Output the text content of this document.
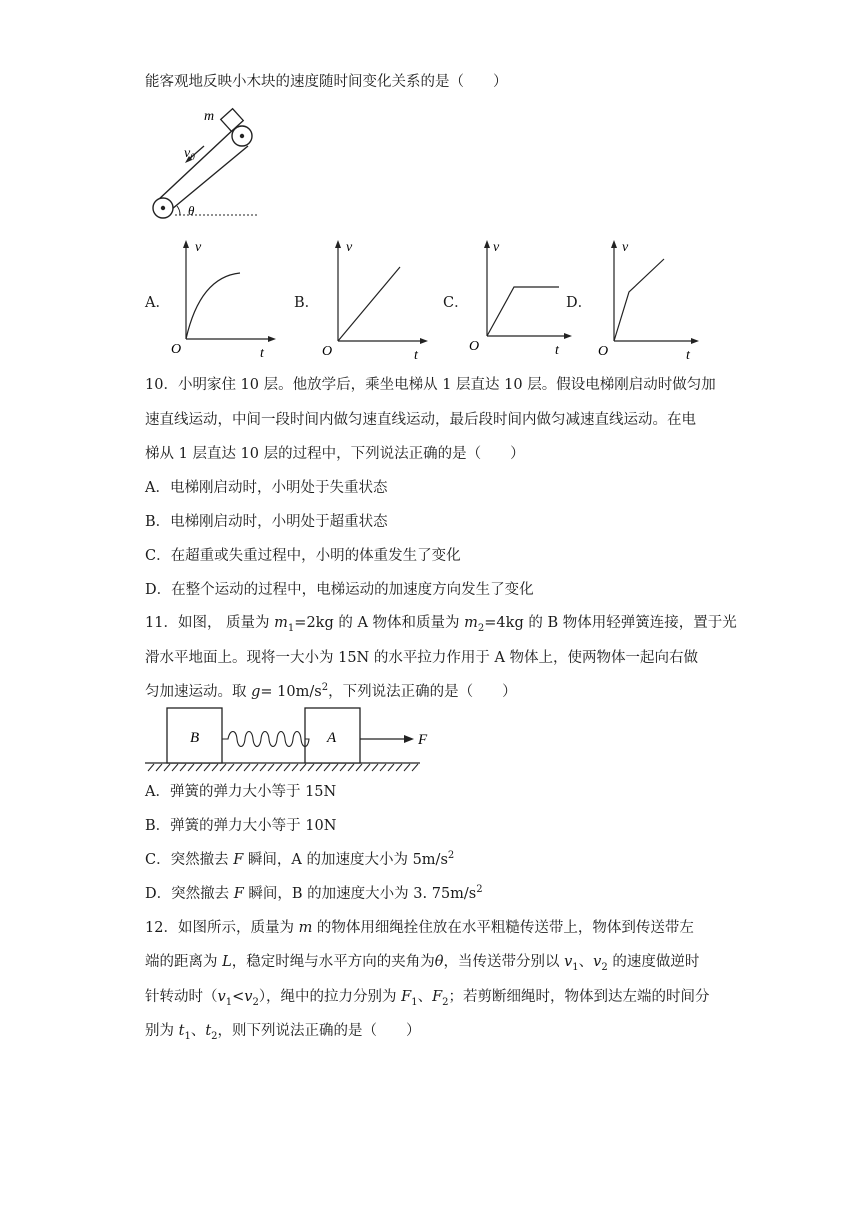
能客观地反映小木块的速度随时间变化关系的是（　　）
m
$v_0$
θ
A．	B．	C．	D．
v
t
O
v
t
O
v
t
O
v
t
O
10．小明家住 10 层。他放学后，乘坐电梯从 1 层直达 10 层。假设电梯刚启动时做匀加
速直线运动，中间一段时间内做匀速直线运动，最后段时间内做匀减速直线运动。在电
梯从 1 层直达 10 层的过程中，下列说法正确的是（　　）
A．电梯刚启动时，小明处于失重状态
B．电梯刚启动时，小明处于超重状态
C．在超重或失重过程中，小明的体重发生了变化
D．在整个运动的过程中，电梯运动的加速度方向发生了变化
11．如图， 质量为 $m_1=2kg$ 的 A 物体和质量为 $m_2=4kg$ 的 B 物体用轻弹簧连接，置于光
滑水平地面上。现将一大小为 15N 的水平拉力作用于 A 物体上，使两物体一起向右做
匀加速运动。取 $g= 10m/s^2$，下列说法正确的是（　　）
B	A	F
A．弹簧的弹力大小等于 15N
B．弹簧的弹力大小等于 10N
C．突然撤去 F 瞬间，A 的加速度大小为 $5m/s^2$
D．突然撤去 F 瞬间，B 的加速度大小为 3. $75m/s^2$
12．如图所示，质量为 m 的物体用细绳拴住放在水平粗糙传送带上，物体到传送带左
端的距离为 L，稳定时绳与水平方向的夹角为θ，当传送带分别以 $v_1$、$v_2$ 的速度做逆时
针转动时$(v_1<v_2)$，绳中的拉力分别为 $F_1$、$F_2$；若剪断细绳时，物体到达左端的时间分
别为 $t_1$、$t_2$，则下列说法正确的是（　　）
